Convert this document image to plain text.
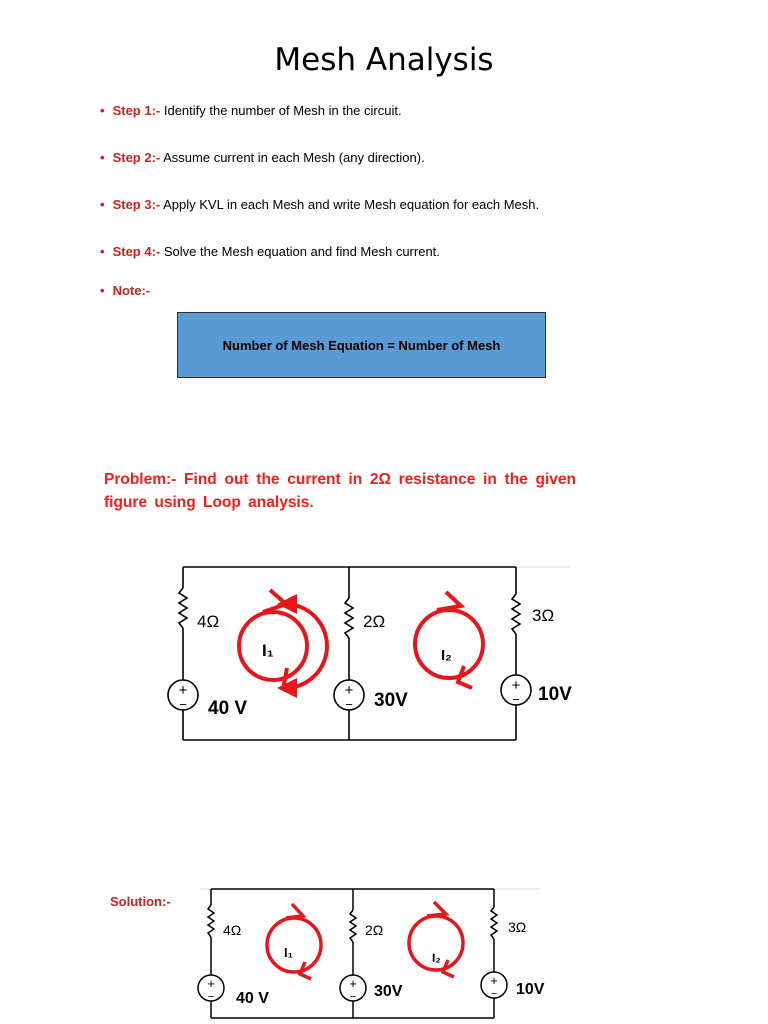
Mesh Analysis
• Step 1:- Identify the number of Mesh in the circuit.
• Step 2:- Assume current in each Mesh (any direction).
• Step 3:- Apply KVL in each Mesh and write Mesh equation for each Mesh.
• Step 4:- Solve the Mesh equation and find Mesh current.
• Note:-
Number of Mesh Equation = Number of Mesh
Problem:- Find out the current in 2Ω resistance in the given figure using Loop analysis.
Solution:-
+
−
+
−
+
−
4Ω	2Ω	3Ω
40 V	30V	10V
I₁	I₂
+
−
+
−
+
−
4Ω	2Ω	3Ω
40 V	30V	10V
I₁	I₂
